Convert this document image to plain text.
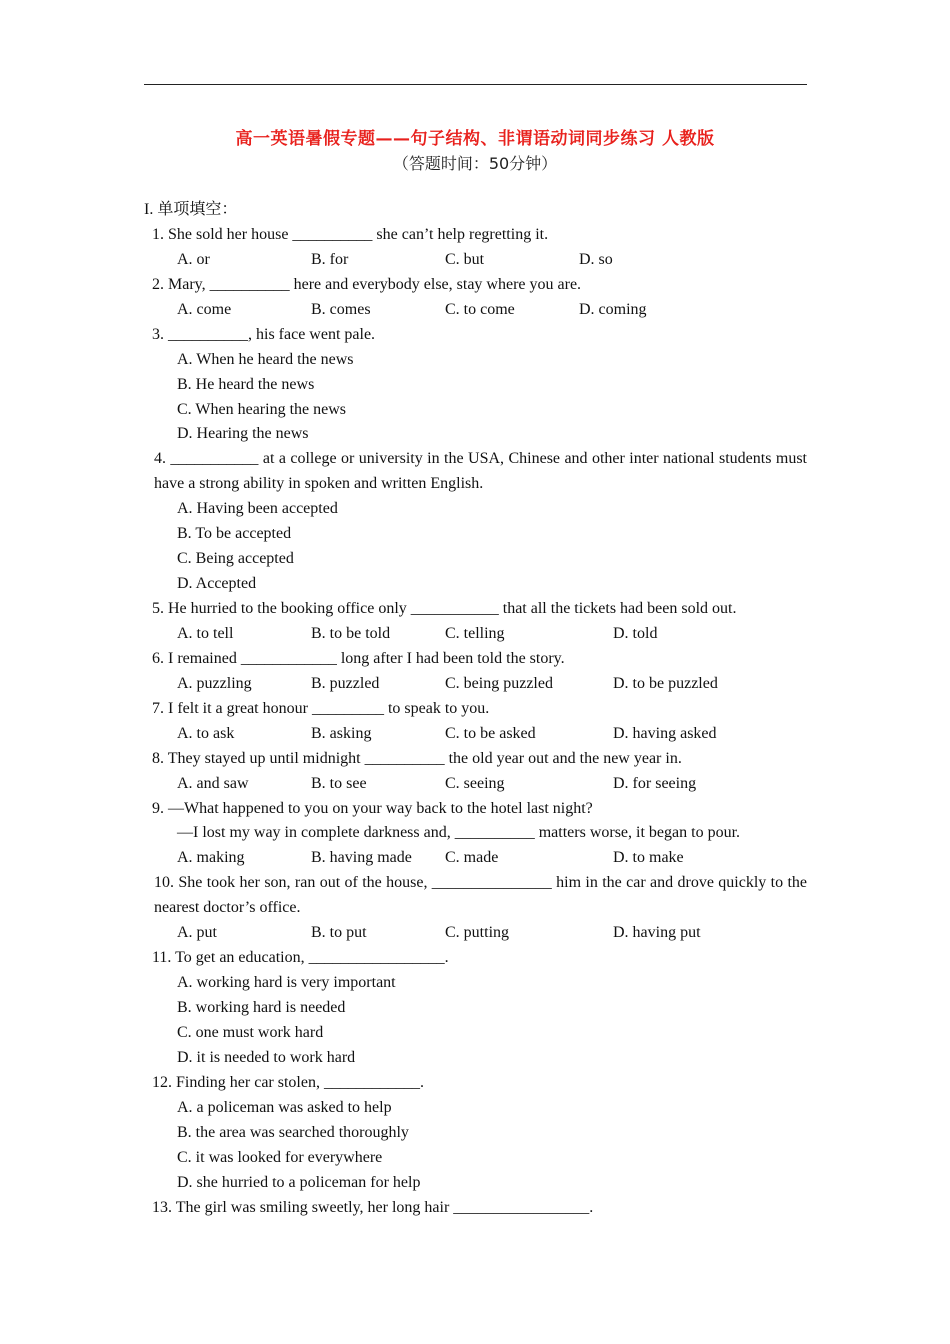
高一英语暑假专题——句子结构、非谓语动词同步练习 人教版
（答题时间：50分钟）
I. 单项填空：
1. She sold her house __________ she can’t help regretting it.
A. or	B. for	C. but	D. so
2. Mary, __________ here and everybody else, stay where you are.
A. come	B. comes	C. to come	D. coming
3. __________, his face went pale.
A. When he heard the news
B. He heard the news
C. When hearing the news
D. Hearing the news
4. ___________ at a college or university in the USA, Chinese and other inter national students must have a strong ability in spoken and written English.
A. Having been accepted
B. To be accepted
C. Being accepted
D. Accepted
5. He hurried to the booking office only ___________ that all the tickets had been sold out.
A. to tell	B. to be told	C. telling	D. told
6. I remained ____________ long after I had been told the story.
A. puzzling	B. puzzled	C. being puzzled	D. to be puzzled
7. I felt it a great honour _________ to speak to you.
A. to ask	B. asking	C. to be asked	D. having asked
8. They stayed up until midnight __________ the old year out and the new year in.
A. and saw	B. to see	C. seeing	D. for seeing
9. —What happened to you on your way back to the hotel last night?
—I lost my way in complete darkness and, __________ matters worse, it began to pour.
A. making	B. having made	C. made	D. to make
10. She took her son, ran out of the house, _______________ him in the car and drove quickly to the nearest doctor’s office.
A. put	B. to put	C. putting	D. having put
11. To get an education, _________________.
A. working hard is very important
B. working hard is needed
C. one must work hard
D. it is needed to work hard
12. Finding her car stolen, ____________.
A. a policeman was asked to help
B. the area was searched thoroughly
C. it was looked for everywhere
D. she hurried to a policeman for help
13. The girl was smiling sweetly, her long hair _________________.
